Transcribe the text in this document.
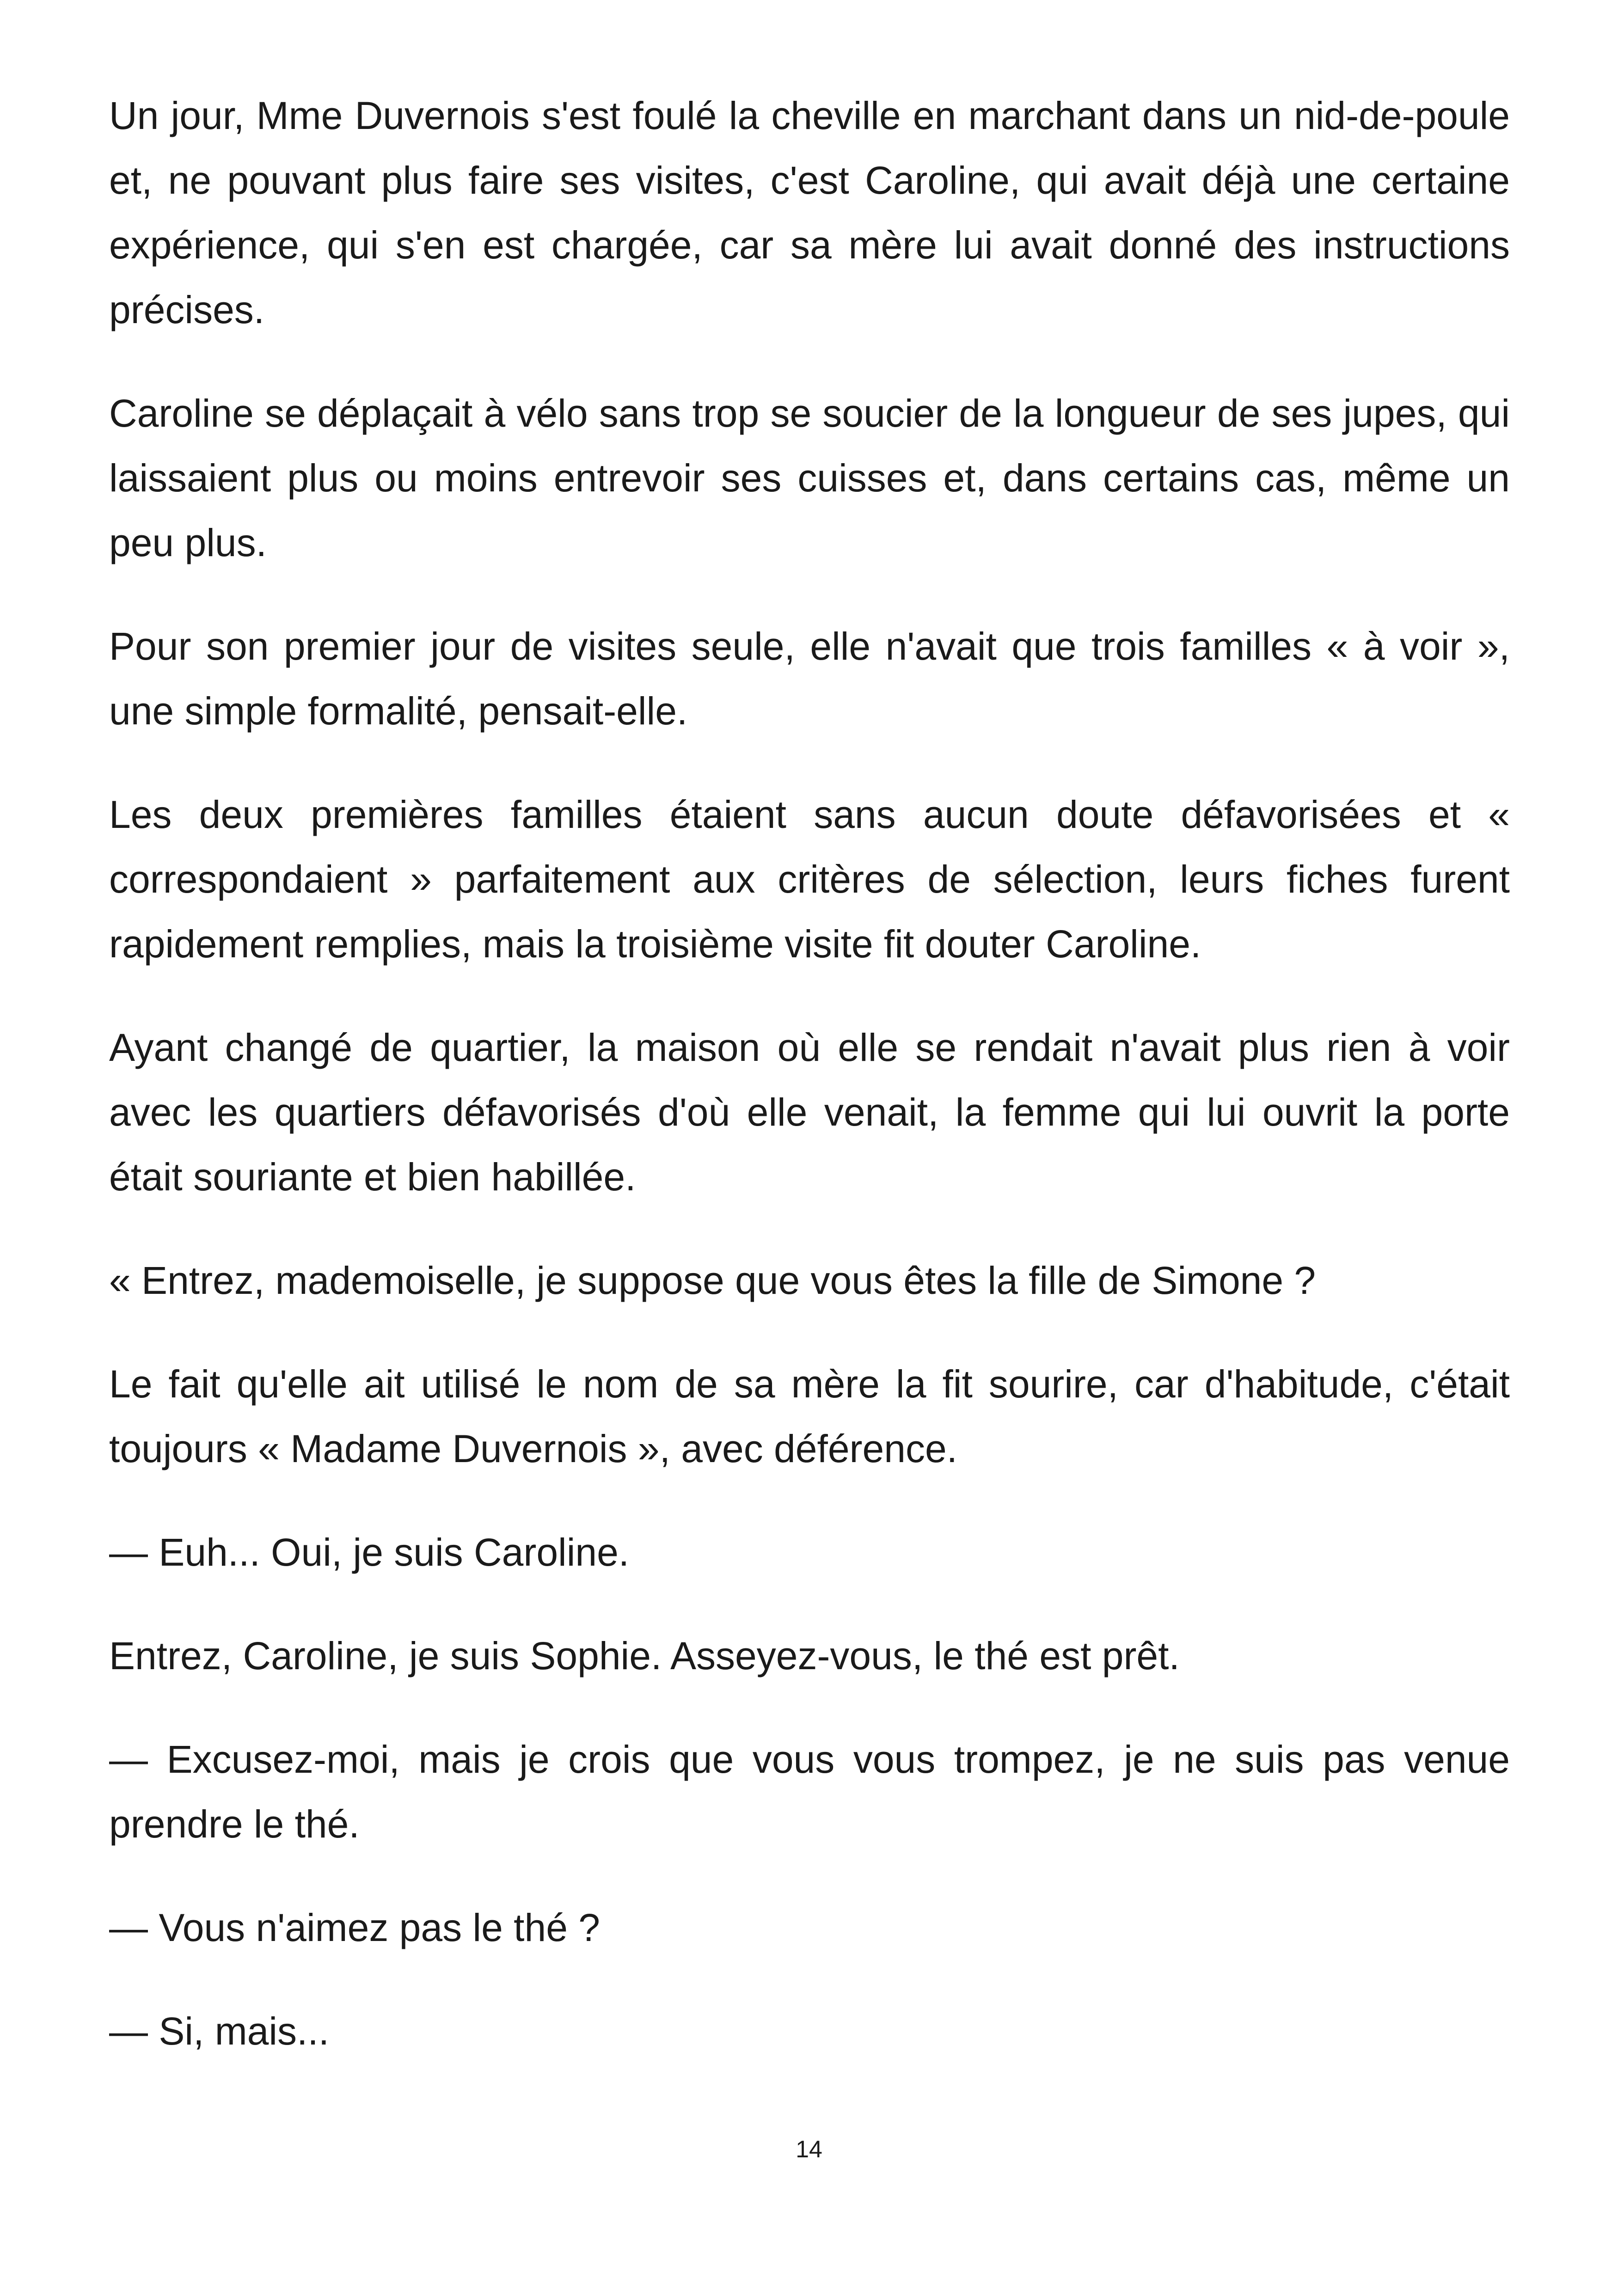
Un jour, Mme Duvernois s'est foulé la cheville en marchant dans un nid-de-poule et, ne pouvant plus faire ses visites, c'est Caroline, qui avait déjà une certaine expérience, qui s'en est chargée, car sa mère lui avait donné des instructions précises.

Caroline se déplaçait à vélo sans trop se soucier de la longueur de ses jupes, qui laissaient plus ou moins entrevoir ses cuisses et, dans certains cas, même un peu plus.

Pour son premier jour de visites seule, elle n'avait que trois familles « à voir », une simple formalité, pensait-elle.

Les deux premières familles étaient sans aucun doute défavorisées et « correspondaient » parfaitement aux critères de sélection, leurs fiches furent rapidement remplies, mais la troisième visite fit douter Caroline.

Ayant changé de quartier, la maison où elle se rendait n'avait plus rien à voir avec les quartiers défavorisés d'où elle venait, la femme qui lui ouvrit la porte était souriante et bien habillée.

« Entrez, mademoiselle, je suppose que vous êtes la fille de Simone ?

Le fait qu'elle ait utilisé le nom de sa mère la fit sourire, car d'habitude, c'était toujours « Madame Duvernois », avec déférence.

— Euh... Oui, je suis Caroline.

Entrez, Caroline, je suis Sophie. Asseyez-vous, le thé est prêt.

— Excusez-moi, mais je crois que vous vous trompez, je ne suis pas venue prendre le thé.

— Vous n'aimez pas le thé ?

— Si, mais...

14
